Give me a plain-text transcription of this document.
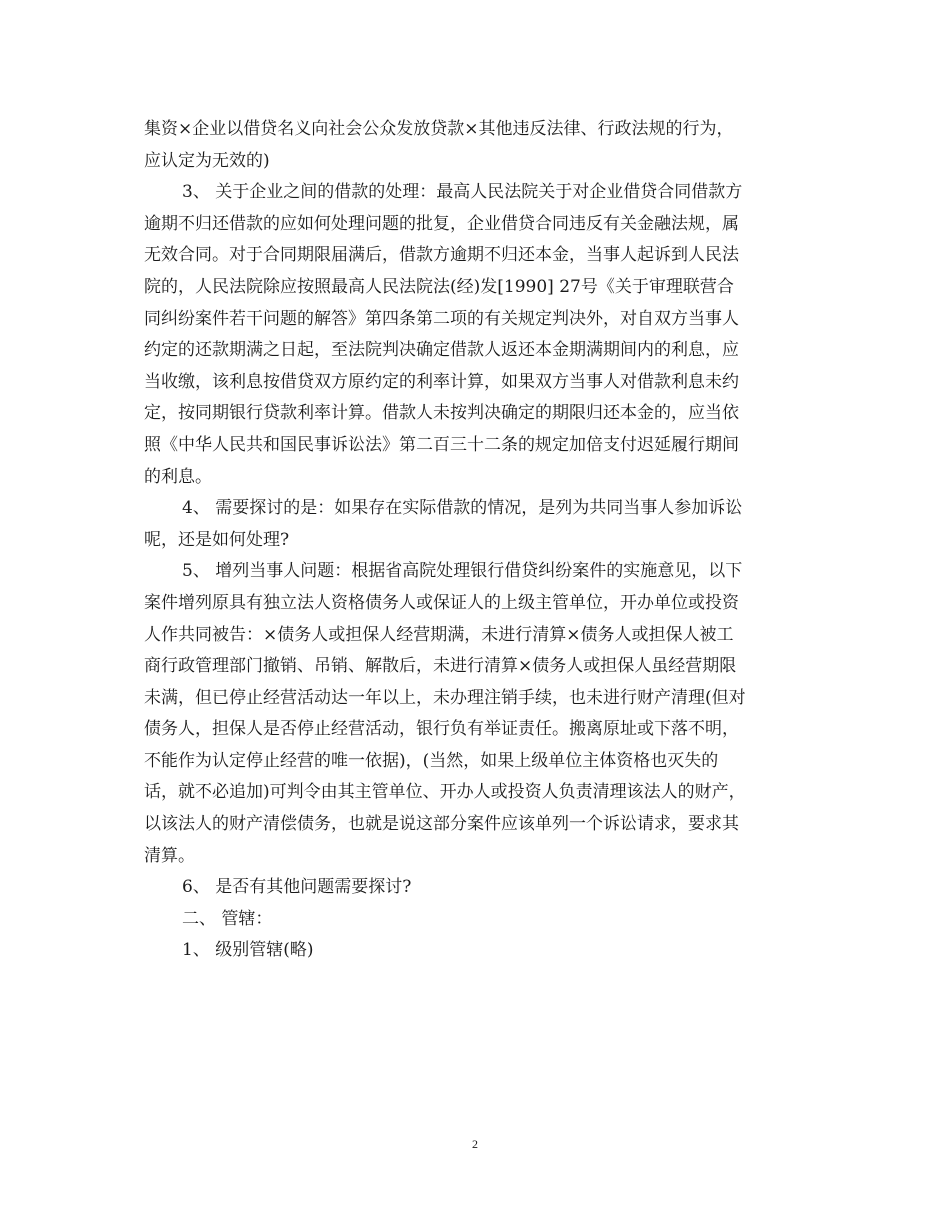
集资×企业以借贷名义向社会公众发放贷款×其他违反法律、行政法规的行为，
应认定为无效的)
3、 关于企业之间的借款的处理：最高人民法院关于对企业借贷合同借款方
逾期不归还借款的应如何处理问题的批复，企业借贷合同违反有关金融法规，属
无效合同。对于合同期限届满后，借款方逾期不归还本金，当事人起诉到人民法
院的，人民法院除应按照最高人民法院法(经)发[1990] 27号《关于审理联营合
同纠纷案件若干问题的解答》第四条第二项的有关规定判决外，对自双方当事人
约定的还款期满之日起，至法院判决确定借款人返还本金期满期间内的利息，应
当收缴，该利息按借贷双方原约定的利率计算，如果双方当事人对借款利息未约
定，按同期银行贷款利率计算。借款人未按判决确定的期限归还本金的，应当依
照《中华人民共和国民事诉讼法》第二百三十二条的规定加倍支付迟延履行期间
的利息。
4、 需要探讨的是：如果存在实际借款的情况，是列为共同当事人参加诉讼
呢，还是如何处理?
5、 增列当事人问题：根据省高院处理银行借贷纠纷案件的实施意见，以下
案件增列原具有独立法人资格债务人或保证人的上级主管单位，开办单位或投资
人作共同被告：×债务人或担保人经营期满，未进行清算×债务人或担保人被工
商行政管理部门撤销、吊销、解散后，未进行清算×债务人或担保人虽经营期限
未满，但已停止经营活动达一年以上，未办理注销手续，也未进行财产清理(但对
债务人，担保人是否停止经营活动，银行负有举证责任。搬离原址或下落不明，
不能作为认定停止经营的唯一依据)，(当然，如果上级单位主体资格也灭失的
话，就不必追加)可判令由其主管单位、开办人或投资人负责清理该法人的财产，
以该法人的财产清偿债务，也就是说这部分案件应该单列一个诉讼请求，要求其
清算。
6、 是否有其他问题需要探讨?
二、 管辖：
1、 级别管辖(略)
2
